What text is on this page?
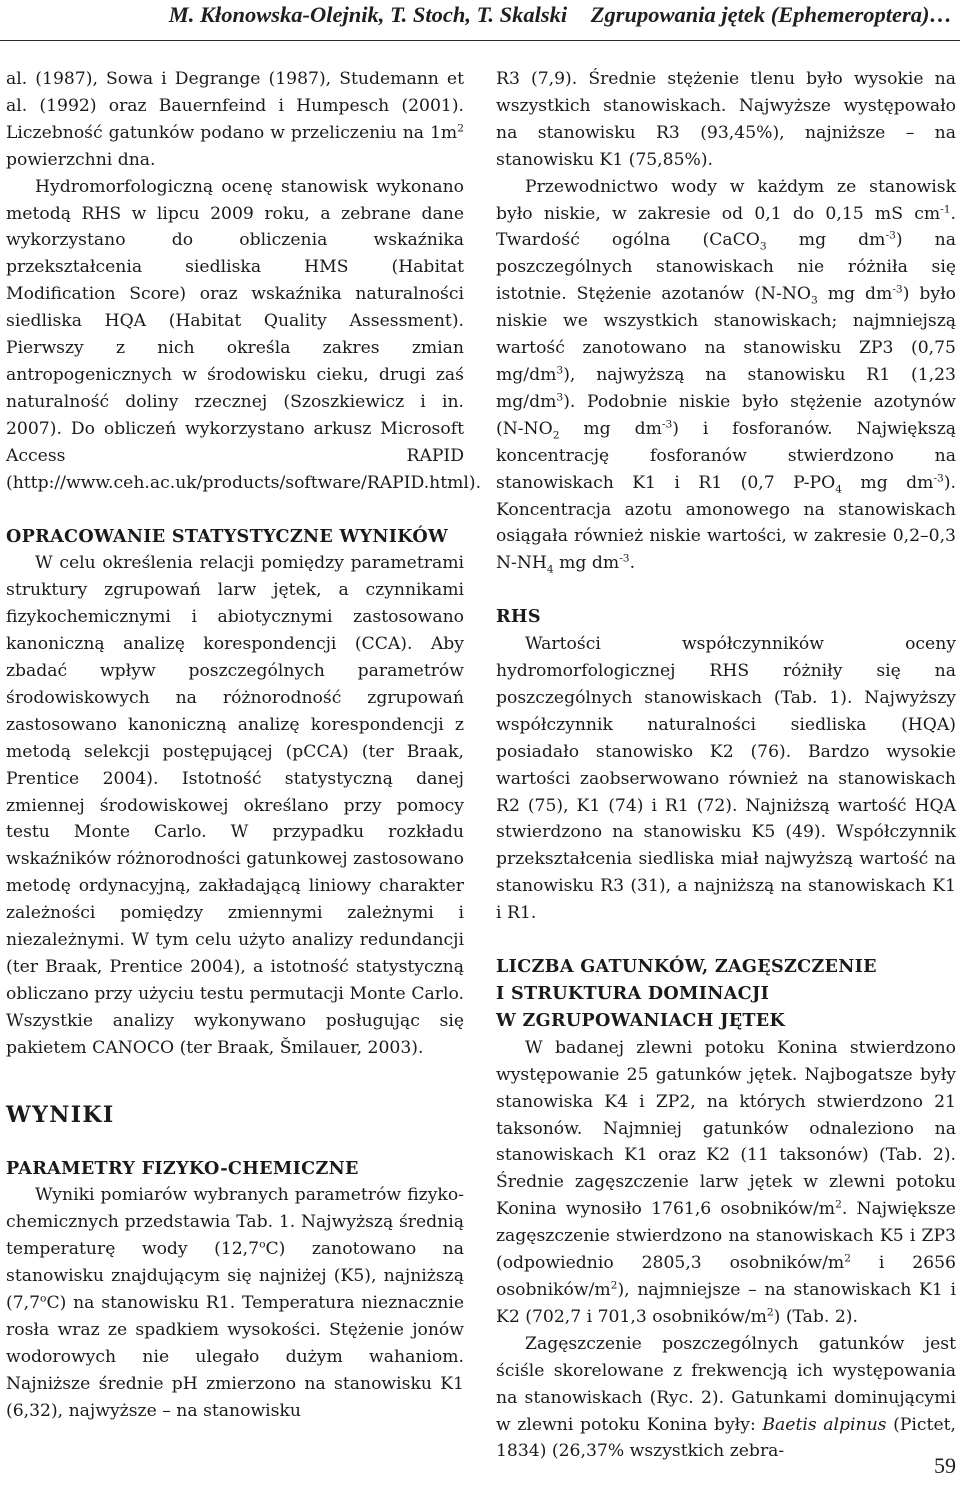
M. Kłonowska-Olejnik, T. Stoch, T. Skalski Zgrupowania jętek (Ephemeroptera)…

al. (1987), Sowa i Degrange (1987), Studemann et al. (1992) oraz Bauernfeind i Humpesch (2001). Liczebność gatunków podano w przeliczeniu na $1m^2$ powierzchni dna.

Hydromorfologiczną ocenę stanowisk wykonano metodą RHS w lipcu 2009 roku, a zebrane dane wykorzystano do obliczenia wskaźnika przekształcenia siedliska HMS (Habitat Modification Score) oraz wskaźnika naturalności siedliska HQA (Habitat Quality Assessment). Pierwszy z nich określa zakres zmian antropogenicznych w środowisku cieku, drugi zaś naturalność doliny rzecznej (Szoszkiewicz i in. 2007). Do obliczeń wykorzystano arkusz Microsoft Access RAPID (http://www.ceh.ac.uk/products/software/RAPID.html).

OPRACOWANIE STATYSTYCZNE WYNIKÓW

W celu określenia relacji pomiędzy parametrami struktury zgrupowań larw jętek, a czynnikami fizykochemicznymi i abiotycznymi zastosowano kanoniczną analizę korespondencji (CCA). Aby zbadać wpływ poszczególnych parametrów środowiskowych na różnorodność zgrupowań zastosowano kanoniczną analizę korespondencji z metodą selekcji postępującej (pCCA) (ter Braak, Prentice 2004). Istotność statystyczną danej zmiennej środowiskowej określano przy pomocy testu Monte Carlo. W przypadku rozkładu wskaźników różnorodności gatunkowej zastosowano metodę ordynacyjną, zakładającą liniowy charakter zależności pomiędzy zmiennymi zależnymi i niezależnymi. W tym celu użyto analizy redundancji (ter Braak, Prentice 2004), a istotność statystyczną obliczano przy użyciu testu permutacji Monte Carlo. Wszystkie analizy wykonywano posługując się pakietem CANOCO (ter Braak, Šmilauer, 2003).

WYNIKI
PARAMETRY FIZYKO-CHEMICZNE

Wyniki pomiarów wybranych parametrów fizyko-chemicznych przedstawia Tab. 1. Najwyższą średnią temperaturę wody (12,7$^o$C) zanotowano na stanowisku znajdującym się najniżej (K5), najniższą (7,7$^o$C) na stanowisku R1. Temperatura nieznacznie rosła wraz ze spadkiem wysokości. Stężenie jonów wodorowych nie ulegało dużym wahaniom. Najniższe średnie pH zmierzono na stanowisku K1 (6,32), najwyższe – na stanowisku

R3 (7,9). Średnie stężenie tlenu było wysokie na wszystkich stanowiskach. Najwyższe występowało na stanowisku R3 (93,45%), najniższe – na stanowisku K1 (75,85%).

Przewodnictwo wody w każdym ze stanowisk było niskie, w zakresie od 0,1 do 0,15 mS $cm^{-1}$. Twardość ogólna (CaCO$_3$ mg $dm^{-3}$) na poszczególnych stanowiskach nie różniła się istotnie. Stężenie azotanów ($N-NO_3$ mg $dm^{-3}$) było niskie we wszystkich stanowiskach; najmniejszą wartość zanotowano na stanowisku ZP3 (0,75 $mg/dm^3$), najwyższą na stanowisku R1 (1,23 $mg/dm^3$). Podobnie niskie było stężenie azotynów ($N-NO_2$ mg $dm^{-3}$) i fosforanów. Największą koncentrację fosforanów stwierdzono na stanowiskach K1 i R1 (0,7 $P-PO_4$ mg $dm^{-3}$). Koncentracja azotu amonowego na stanowiskach osiągała również niskie wartości, w zakresie 0,2–0,3 $N-NH_4$ mg $dm^{-3}$.

RHS

Wartości współczynników oceny hydromorfologicznej RHS różniły się na poszczególnych stanowiskach (Tab. 1). Najwyższy współczynnik naturalności siedliska (HQA) posiadało stanowisko K2 (76). Bardzo wysokie wartości zaobserwowano również na stanowiskach R2 (75), K1 (74) i R1 (72). Najniższą wartość HQA stwierdzono na stanowisku K5 (49). Współczynnik przekształcenia siedliska miał najwyższą wartość na stanowisku R3 (31), a najniższą na stanowiskach K1 i R1.

LICZBA GATUNKÓW, ZAGĘSZCZENIE
I STRUKTURA DOMINACJI
W ZGRUPOWANIACH JĘTEK

W badanej zlewni potoku Konina stwierdzono występowanie 25 gatunków jętek. Najbogatsze były stanowiska K4 i ZP2, na których stwierdzono 21 taksonów. Najmniej gatunków odnaleziono na stanowiskach K1 oraz K2 (11 taksonów) (Tab. 2). Średnie zagęszczenie larw jętek w zlewni potoku Konina wynosiło 1761,6 osobników/$m^2$. Największe zagęszczenie stwierdzono na stanowiskach K5 i ZP3 (odpowiednio 2805,3 osobników/$m^2$ i 2656 osobników/$m^2$), najmniejsze – na stanowiskach K1 i K2 (702,7 i 701,3 osobników/$m^2$) (Tab. 2).

Zagęszczenie poszczególnych gatunków jest ściśle skorelowane z frekwencją ich występowania na stanowiskach (Ryc. 2). Gatunkami dominującymi w zlewni potoku Konina były: Baetis alpinus (Pictet, 1834) (26,37% wszystkich zebra-

59
